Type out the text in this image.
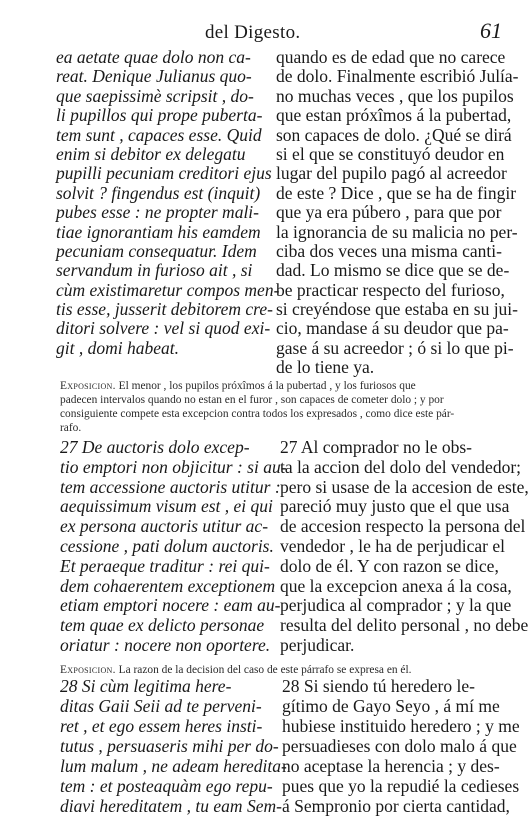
del Digesto.	61
ea aetate quae dolo non ca-
reat. Denique Julianus quo-
que saepissimè scripsit , do-
li pupillos qui prope puberta-
tem sunt , capaces esse. Quid
enim si debitor ex delegatu
pupilli pecuniam creditori ejus
solvit ? fingendus est (inquit)
pubes esse : ne propter mali-
tiae ignorantiam his eamdem
pecuniam consequatur. Idem
servandum in furioso ait , si
cùm existimaretur compos men-
tis esse, jusserit debitorem cre-
ditori solvere : vel si quod exi-
git , domi habeat.
quando es de edad que no carece
de dolo. Finalmente escribió Julía-
no muchas veces , que los pupilos
que estan próxîmos á la pubertad,
son capaces de dolo. ¿Qué se dirá
si el que se constituyó deudor en
lugar del pupilo pagó al acreedor
de este ? Dice , que se ha de fingir
que ya era púbero , para que por
la ignorancia de su malicia no per-
ciba dos veces una misma canti-
dad. Lo mismo se dice que se de-
be practicar respecto del furioso,
si creyéndose que estaba en su jui-
cio, mandase á su deudor que pa-
gase á su acreedor ; ó si lo que pi-
de lo tiene ya.
Exposicion. El menor , los pupilos próxîmos á la pubertad , y los furiosos que
padecen intervalos quando no estan en el furor , son capaces de cometer dolo ; y por
consiguiente compete esta excepcion contra todos los expresados , como dice este pár-
rafo.
27 De auctoris dolo excep-
tio emptori non objicitur : si au-
tem accessione auctoris utitur :
aequissimum visum est , ei qui
ex persona auctoris utitur ac-
cessione , pati dolum auctoris.
Et peraeque traditur : rei qui-
dem cohaerentem exceptionem
etiam emptori nocere : eam au-
tem quae ex delicto personae
oriatur : nocere non oportere.
27 Al comprador no le obs-
ta la accion del dolo del vendedor;
pero si usase de la accesion de este,
pareció muy justo que el que usa
de accesion respecto la persona del
vendedor , le ha de perjudicar el
dolo de él. Y con razon se dice,
que la excepcion anexa á la cosa,
perjudica al comprador ; y la que
resulta del delito personal , no debe
perjudicar.
Exposicion. La razon de la decision del caso de este párrafo se expresa en él.
28 Si cùm legitima here-
ditas Gaii Seii ad te perveni-
ret , et ego essem heres insti-
tutus , persuaseris mihi per do-
lum malum , ne adeam heredita-
tem : et posteaquàm ego repu-
diavi hereditatem , tu eam Sem-
28 Si siendo tú heredero le-
gítimo de Gayo Seyo , á mí me
hubiese instituido heredero ; y me
persuadieses con dolo malo á que
no aceptase la herencia ; y des-
pues que yo la repudié la cedieses
á Sempronio por cierta cantidad,
